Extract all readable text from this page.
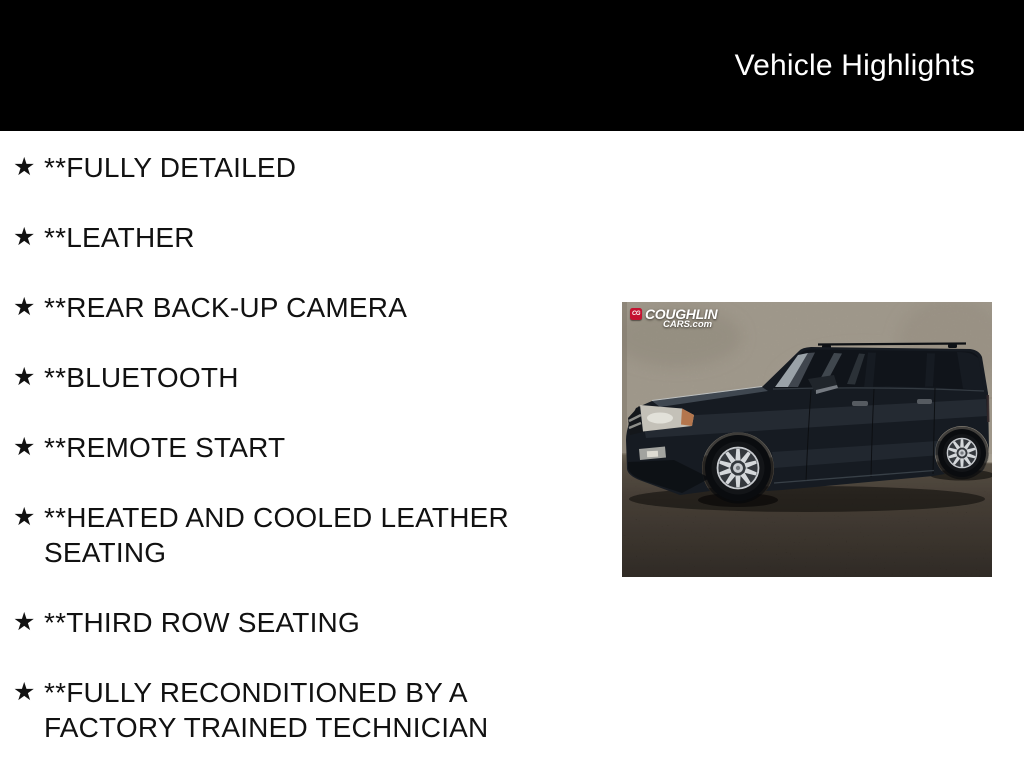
Vehicle Highlights
★ **FULLY DETAILED
★ **LEATHER
★ **REAR BACK-UP CAMERA
★ **BLUETOOTH
★ **REMOTE START
★ **HEATED AND COOLED LEATHER SEATING
★ **THIRD ROW SEATING
★ **FULLY RECONDITIONED BY A FACTORY TRAINED TECHNICIAN
CG COUGHLIN
CARS.com
